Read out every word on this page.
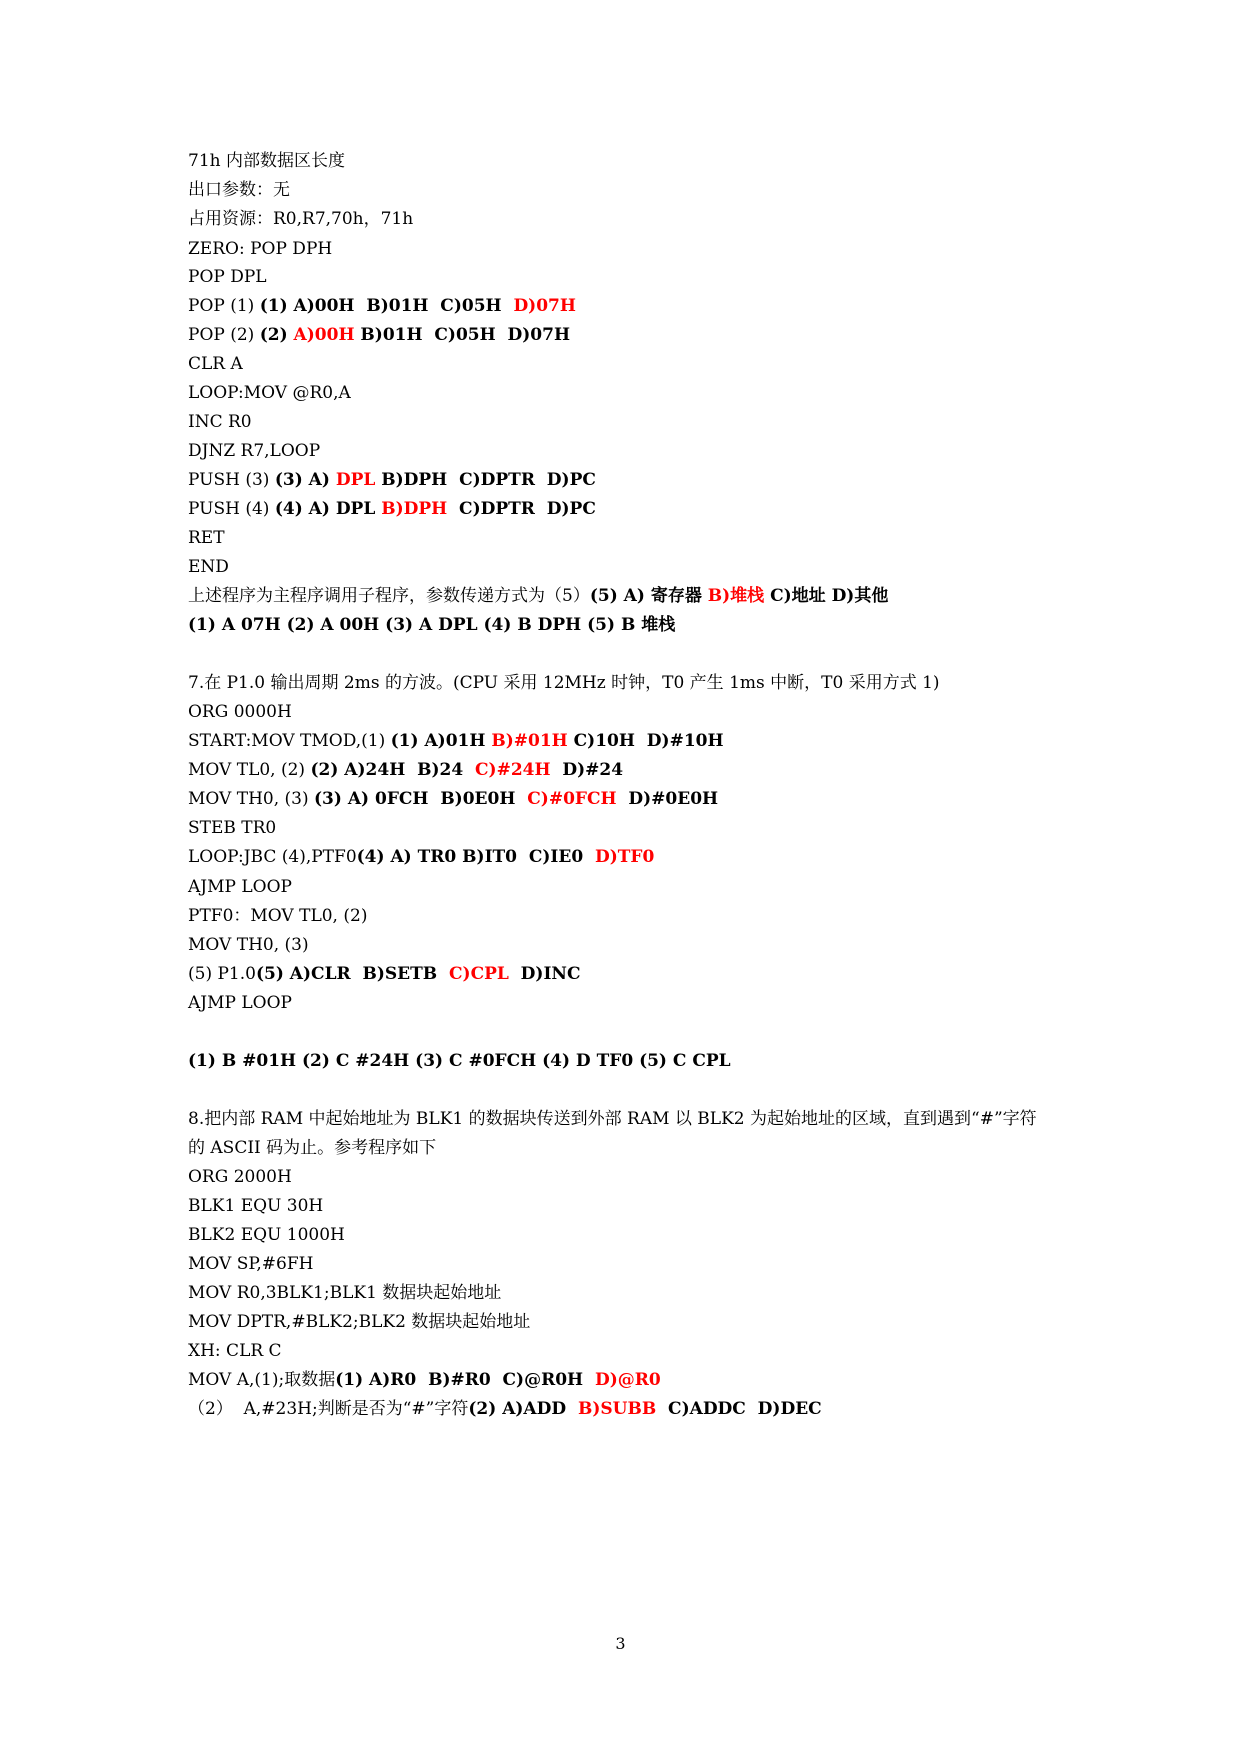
71h 内部数据区长度
出口参数：无
占用资源：R0,R7,70h，71h
ZERO: POP DPH
POP DPL
POP (1) (1) A)00H  B)01H  C)05H  D)07H
POP (2) (2) A)00H B)01H  C)05H  D)07H
CLR A
LOOP:MOV @R0,A
INC R0
DJNZ R7,LOOP
PUSH (3) (3) A) DPL B)DPH  C)DPTR  D)PC
PUSH (4) (4) A) DPL B)DPH  C)DPTR  D)PC
RET
END
上述程序为主程序调用子程序，参数传递方式为（5）(5) A) 寄存器 B)堆栈 C)地址 D)其他
(1) A 07H (2) A 00H (3) A DPL (4) B DPH (5) B 堆栈
7.在 P1.0 输出周期 2ms 的方波。(CPU 采用 12MHz 时钟，T0 产生 1ms 中断，T0 采用方式 1)
ORG 0000H
START:MOV TMOD,(1) (1) A)01H B)#01H C)10H  D)#10H
MOV TL0, (2) (2) A)24H  B)24  C)#24H  D)#24
MOV TH0, (3) (3) A) 0FCH  B)0E0H  C)#0FCH  D)#0E0H
STEB TR0
LOOP:JBC (4),PTF0(4) A) TR0 B)IT0  C)IE0  D)TF0
AJMP LOOP
PTF0：MOV TL0, (2)
MOV TH0, (3)
(5) P1.0(5) A)CLR  B)SETB  C)CPL  D)INC
AJMP LOOP
(1) B #01H (2) C #24H (3) C #0FCH (4) D TF0 (5) C CPL
8.把内部 RAM 中起始地址为 BLK1 的数据块传送到外部 RAM 以 BLK2 为起始地址的区域，直到遇到“#”字符
的 ASCII 码为止。参考程序如下
ORG 2000H
BLK1 EQU 30H
BLK2 EQU 1000H
MOV SP,#6FH
MOV R0,3BLK1;BLK1 数据块起始地址
MOV DPTR,#BLK2;BLK2 数据块起始地址
XH: CLR C
MOV A,(1);取数据(1) A)R0  B)#R0  C)@R0H  D)@R0
（2）  A,#23H;判断是否为“#”字符(2) A)ADD  B)SUBB  C)ADDC  D)DEC
3
